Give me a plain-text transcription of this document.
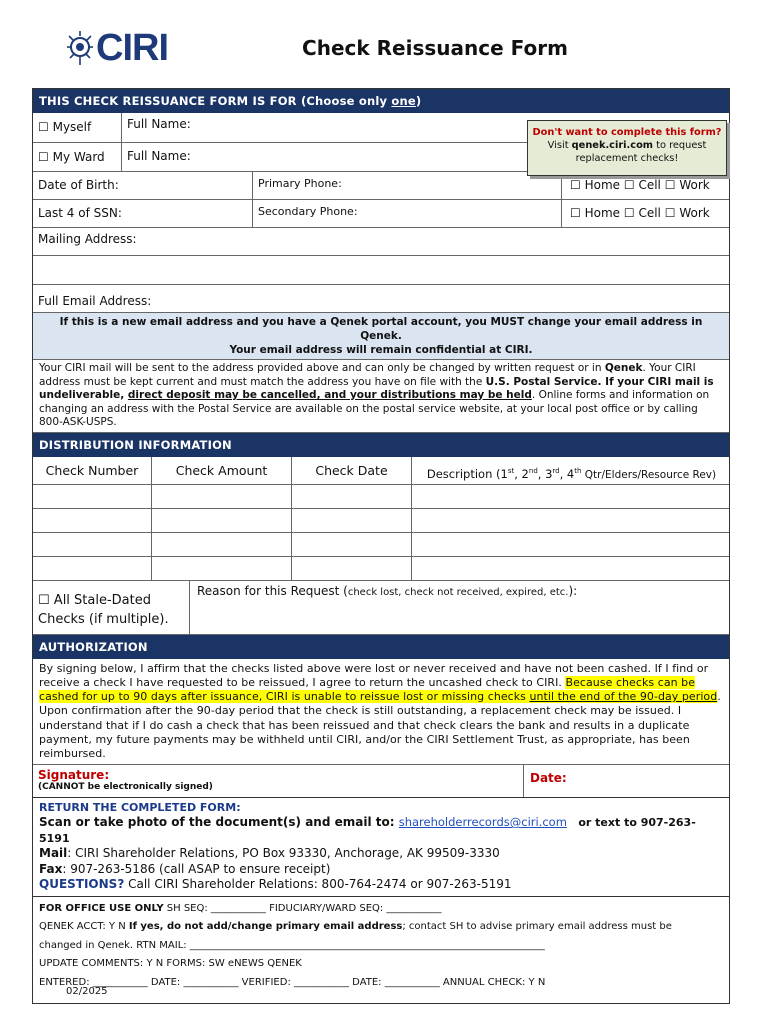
CIRI	Check Reissuance Form
THIS CHECK REISSUANCE FORM IS FOR (Choose only one)
Don't want to complete this form?
Visit qenek.ciri.com to request
replacement checks!
☐ Myself	Full Name:
☐ My Ward	Full Name:
Date of Birth:	Primary Phone:	☐ Home ☐ Cell ☐ Work
Last 4 of SSN:	Secondary Phone:	☐ Home ☐ Cell ☐ Work
Mailing Address:
Full Email Address:
If this is a new email address and you have a Qenek portal account, you MUST change your email address in Qenek.
Your email address will remain confidential at CIRI.
Your CIRI mail will be sent to the address provided above and can only be changed by written request or in Qenek. Your CIRI address must be kept current and must match the address you have on file with the U.S. Postal Service. If your CIRI mail is undeliverable, direct deposit may be cancelled, and your distributions may be held. Online forms and information on changing an address with the Postal Service are available on the postal service website, at your local post office or by calling 800-ASK-USPS.
DISTRIBUTION INFORMATION
Check Number	Check Amount	Check Date	Description (1st, 2nd, 3rd, 4th Qtr/Elders/Resource Rev)
☐ All Stale-Dated
Checks (if multiple).
Reason for this Request (check lost, check not received, expired, etc.):
AUTHORIZATION
By signing below, I affirm that the checks listed above were lost or never received and have not been cashed. If I find or receive a check I have requested to be reissued, I agree to return the uncashed check to CIRI. Because checks can be cashed for up to 90 days after issuance, CIRI is unable to reissue lost or missing checks until the end of the 90-day period. Upon confirmation after the 90-day period that the check is still outstanding, a replacement check may be issued. I understand that if I do cash a check that has been reissued and that check clears the bank and results in a duplicate payment, my future payments may be withheld until CIRI, and/or the CIRI Settlement Trust, as appropriate, has been reimbursed.
Signature:
(CANNOT be electronically signed)
Date:
RETURN THE COMPLETED FORM:
Scan or take photo of the document(s) and email to: shareholderrecords@ciri.com or text to 907-263-5191
Mail: CIRI Shareholder Relations, PO Box 93330, Anchorage, AK 99509-3330
Fax: 907-263-5186 (call ASAP to ensure receipt)
QUESTIONS? Call CIRI Shareholder Relations: 800-764-2474 or 907-263-5191
FOR OFFICE USE ONLY SH SEQ: ___________ FIDUCIARY/WARD SEQ: ___________
QENEK ACCT: Y N If yes, do not add/change primary email address; contact SH to advise primary email address must be
changed in Qenek. RTN MAIL: _______________________________________________________________________
UPDATE COMMENTS: Y N FORMS: SW eNEWS QENEK
ENTERED: ___________ DATE: ___________ VERIFIED: ___________ DATE: ___________ ANNUAL CHECK: Y N
02/2025
